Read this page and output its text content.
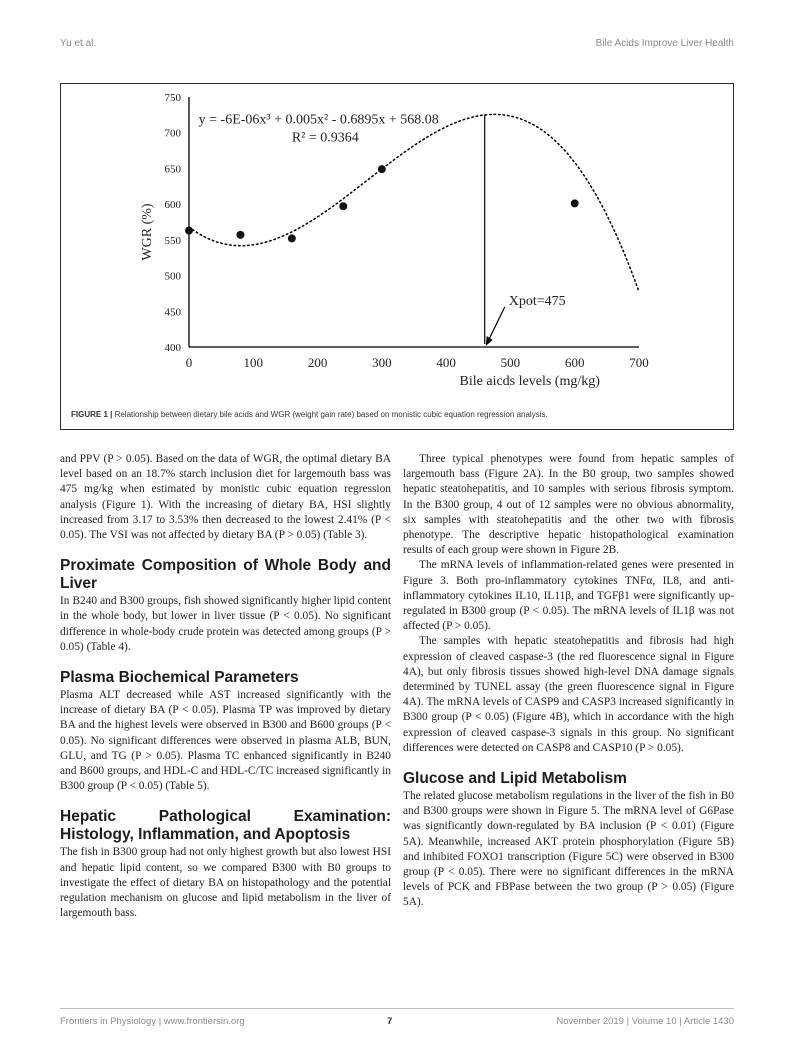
Yu et al.	Bile Acids Improve Liver Health
400
450
500
550
600
650
700
750
0	100	200	300	400	500	600	700
WGR (%)
Bile aicds levels (mg/kg)
Xpot=475
y = -6E-06x³ + 0.005x² - 0.6895x + 568.08
R² = 0.9364
FIGURE 1 | Relationship between dietary bile acids and WGR (weight gain rate) based on monistic cubic equation regression analysis.

and PPV (P > 0.05). Based on the data of WGR, the optimal dietary BA level based on an 18.7% starch inclusion diet for largemouth bass was 475 mg/kg when estimated by monistic cubic equation regression analysis (Figure 1). With the increasing of dietary BA, HSI slightly increased from 3.17 to 3.53% then decreased to the lowest 2.41% (P < 0.05). The VSI was not affected by dietary BA (P > 0.05) (Table 3).

Proximate Composition of Whole Body and Liver

In B240 and B300 groups, fish showed significantly higher lipid content in the whole body, but lower in liver tissue (P < 0.05). No significant difference in whole-body crude protein was detected among groups (P > 0.05) (Table 4).

Plasma Biochemical Parameters

Plasma ALT decreased while AST increased significantly with the increase of dietary BA (P < 0.05). Plasma TP was improved by dietary BA and the highest levels were observed in B300 and B600 groups (P < 0.05). No significant differences were observed in plasma ALB, BUN, GLU, and TG (P > 0.05). Plasma TC enhanced significantly in B240 and B600 groups, and HDL-C and HDL-C/TC increased significantly in B300 group (P < 0.05) (Table 5).

Hepatic Pathological Examination: Histology, Inflammation, and Apoptosis

The fish in B300 group had not only highest growth but also lowest HSI and hepatic lipid content, so we compared B300 with B0 groups to investigate the effect of dietary BA on histopathology and the potential regulation mechanism on glucose and lipid metabolism in the liver of largemouth bass.

Three typical phenotypes were found from hepatic samples of largemouth bass (Figure 2A). In the B0 group, two samples showed hepatic steatohepatitis, and 10 samples with serious fibrosis symptom. In the B300 group, 4 out of 12 samples were no obvious abnormality, six samples with steatohepatitis and the other two with fibrosis phenotype. The descriptive hepatic histopathological examination results of each group were shown in Figure 2B.

The mRNA levels of inflammation-related genes were presented in Figure 3. Both pro-inflammatory cytokines TNFα, IL8, and anti-inflammatory cytokines IL10, IL11β, and TGFβ1 were significantly up-regulated in B300 group (P < 0.05). The mRNA levels of IL1β was not affected (P > 0.05).

The samples with hepatic steatohepatitis and fibrosis had high expression of cleaved caspase-3 (the red fluorescence signal in Figure 4A), but only fibrosis tissues showed high-level DNA damage signals determined by TUNEL assay (the green fluorescence signal in Figure 4A). The mRNA levels of CASP9 and CASP3 increased significantly in B300 group (P < 0.05) (Figure 4B), which in accordance with the high expression of cleaved caspase-3 signals in this group. No significant differences were detected on CASP8 and CASP10 (P > 0.05).

Glucose and Lipid Metabolism

The related glucose metabolism regulations in the liver of the fish in B0 and B300 groups were shown in Figure 5. The mRNA level of G6Pase was significantly down-regulated by BA inclusion (P < 0.01) (Figure 5A). Meanwhile, increased AKT protein phosphorylation (Figure 5B) and inhibited FOXO1 transcription (Figure 5C) were observed in B300 group (P < 0.05). There were no significant differences in the mRNA levels of PCK and FBPase between the two group (P > 0.05) (Figure 5A).

Frontiers in Physiology | www.frontiersin.org	7	November 2019 | Volume 10 | Article 1430
